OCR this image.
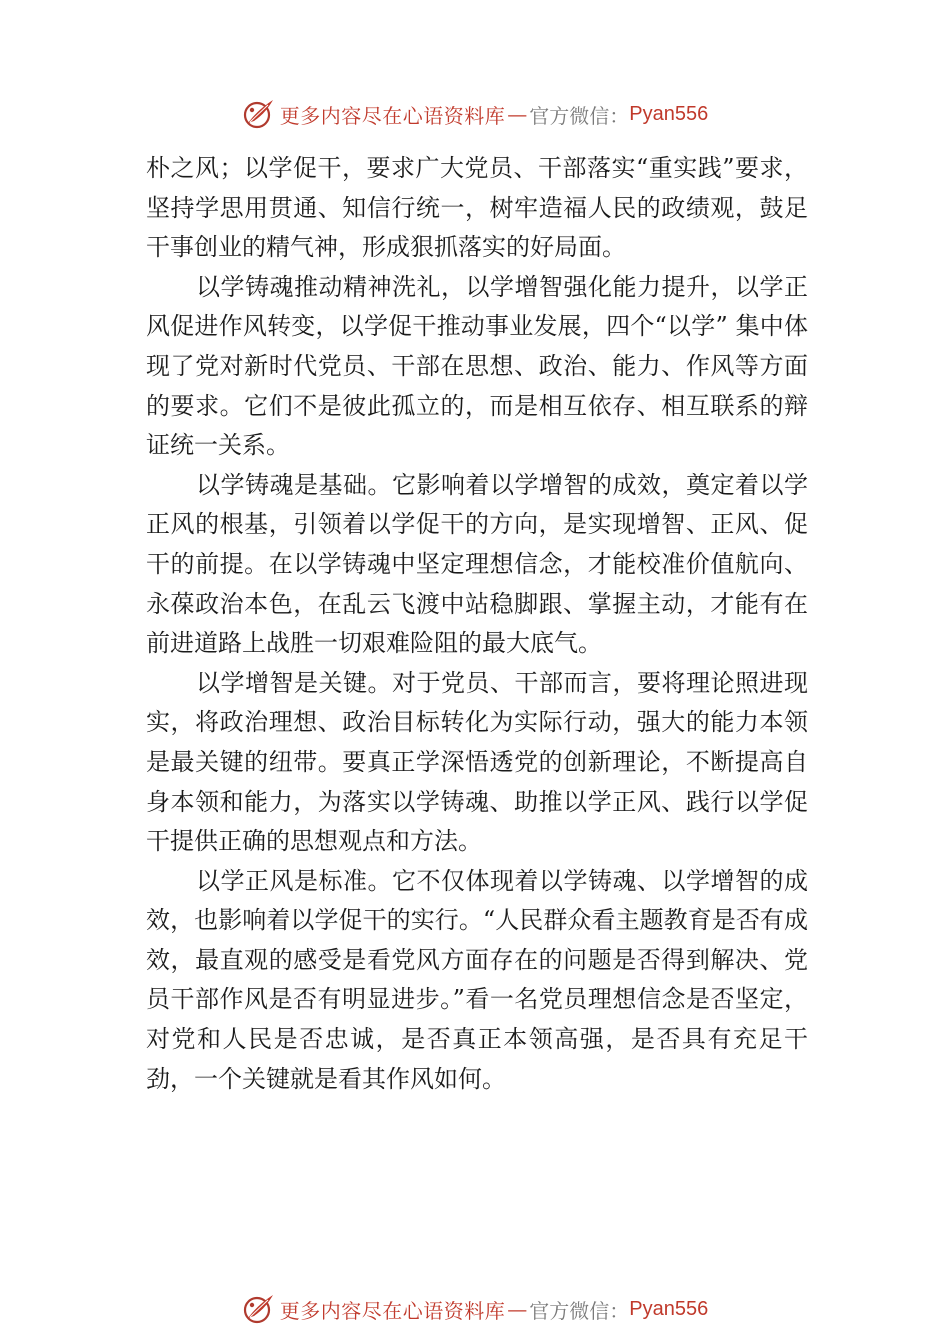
更多内容尽在心语资料库 — 官方微信： Pyan556

朴之风；以学促干，要求广大党员、干部落实“重实践”要求，坚持学思用贯通、知信行统一，树牢造福人民的政绩观，鼓足干事创业的精气神，形成狠抓落实的好局面。

以学铸魂推动精神洗礼，以学增智强化能力提升，以学正风促进作风转变，以学促干推动事业发展，四个“以学” 集中体现了党对新时代党员、干部在思想、政治、能力、作风等方面的要求。它们不是彼此孤立的，而是相互依存、相互联系的辩证统一关系。

以学铸魂是基础。它影响着以学增智的成效，奠定着以学正风的根基，引领着以学促干的方向，是实现增智、正风、促干的前提。在以学铸魂中坚定理想信念，才能校准价值航向、永葆政治本色，在乱云飞渡中站稳脚跟、掌握主动，才能有在前进道路上战胜一切艰难险阻的最大底气。

以学增智是关键。对于党员、干部而言，要将理论照进现实，将政治理想、政治目标转化为实际行动，强大的能力本领是最关键的纽带。要真正学深悟透党的创新理论，不断提高自身本领和能力，为落实以学铸魂、助推以学正风、践行以学促干提供正确的思想观点和方法。

以学正风是标准。它不仅体现着以学铸魂、以学增智的成效，也影响着以学促干的实行。“人民群众看主题教育是否有成效，最直观的感受是看党风方面存在的问题是否得到解决、党员干部作风是否有明显进步。”看一名党员理想信念是否坚定，对党和人民是否忠诚，是否真正本领高强，是否具有充足干劲，一个关键就是看其作风如何。

更多内容尽在心语资料库 — 官方微信： Pyan556
